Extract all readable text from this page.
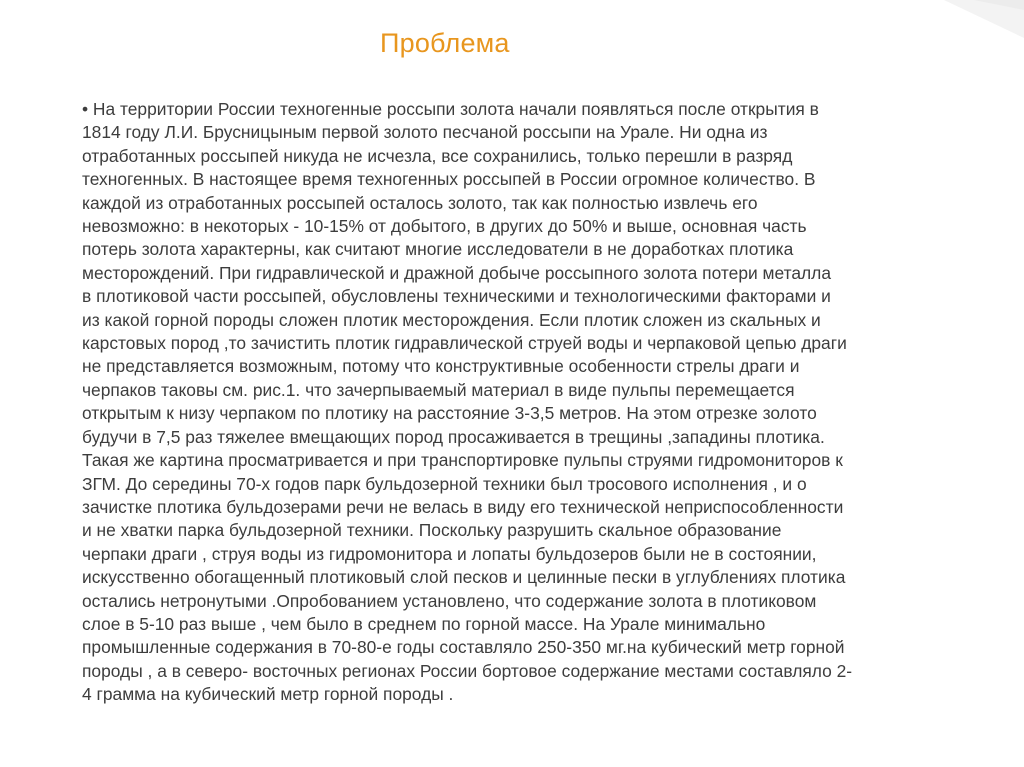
Проблема
• На территории России техногенные россыпи золота начали появляться после открытия в
1814 году Л.И. Брусницыным первой золото песчаной россыпи на Урале. Ни одна из
отработанных россыпей никуда не исчезла, все сохранились, только перешли в разряд
техногенных. В настоящее время техногенных россыпей в России огромное количество. В
каждой из отработанных россыпей осталось золото, так как полностью извлечь его
невозможно: в некоторых - 10-15% от добытого, в других до 50% и выше, основная часть
потерь золота характерны, как считают многие исследователи в не доработках плотика
месторождений. При гидравлической и дражной добыче россыпного золота потери металла
в плотиковой части россыпей, обусловлены техническими и технологическими факторами и
из какой горной породы сложен плотик месторождения. Если плотик сложен из скальных и
карстовых пород ,то зачистить плотик гидравлической струей воды и черпаковой цепью драги
не представляется возможным, потому что конструктивные особенности стрелы драги и
черпаков таковы см. рис.1. что зачерпываемый материал в виде пульпы перемещается
открытым к низу черпаком по плотику на расстояние 3-3,5 метров. На этом отрезке золото
будучи в 7,5 раз тяжелее вмещающих пород просаживается в трещины ,западины плотика.
Такая же картина просматривается и при транспортировке пульпы струями гидромониторов к
ЗГМ. До середины 70-х годов парк бульдозерной техники был тросового исполнения , и о
зачистке плотика бульдозерами речи не велась в виду его технической неприспособленности
и не хватки парка бульдозерной техники. Поскольку разрушить скальное образование
черпаки драги , струя воды из гидромонитора и лопаты бульдозеров были не в состоянии,
искусственно обогащенный плотиковый слой песков и целинные пески в углублениях плотика
остались нетронутыми .Опробованием установлено, что содержание золота в плотиковом
слое в 5-10 раз выше , чем было в среднем по горной массе. На Урале минимально
промышленные содержания в 70-80-е годы составляло 250-350 мг.на кубический метр горной
породы , а в северо- восточных регионах России бортовое содержание местами составляло 2-
4 грамма на кубический метр горной породы .
